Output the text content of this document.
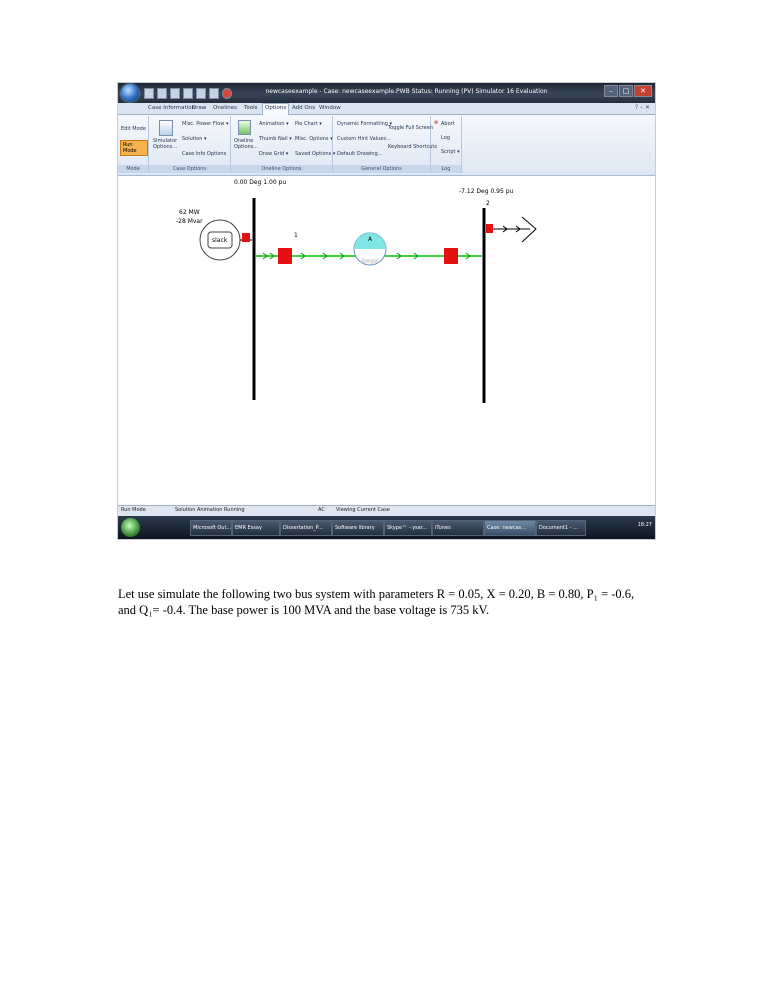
newcaseexample - Case: newcaseexample.PWB Status: Running (PV) Simulator 16 Evaluation	–	□	✕
Case Information
Draw	Onelines	Tools	Options	Add Ons Window	? – ✕
Edit Mode
Run Mode
Mode
Simulator Options...
Misc. Power Flow ▾
Solution ▾
Case Info Options
Case Options
Oneline Options...
Animation ▾
Thumb Nail ▾
Draw Grid ▾
Pie Chart ▾
Misc. Options ▾
Saved Options ▾
Oneline Options
Dynamic Formatting ▾
Custom Hint Values...
Default Drawing...
Toggle Full Screen
Keyboard Shortcuts
General Options
⊗ Abort
Log
Script ▾
Log
0.00 Deg 1.00 pu
-7.12 Deg 0.95 pu
62 MW
-28 Mvar
slack
1
2
A
Amps
Run Mode	Solution Animation Running	AC Viewing Current Case
Microsoft Out... EMR Essay	Dissertation_P...	Software library	Skype™ - ysar...	iTunes	Case: newcas...	Document1 - ...	18:27

Let use simulate the following two bus system with parameters R = 0.05, X = 0.20, B = 0.80, P₁ = -0.6, and Q₁= -0.4. The base power is 100 MVA and the base voltage is 735 kV.
